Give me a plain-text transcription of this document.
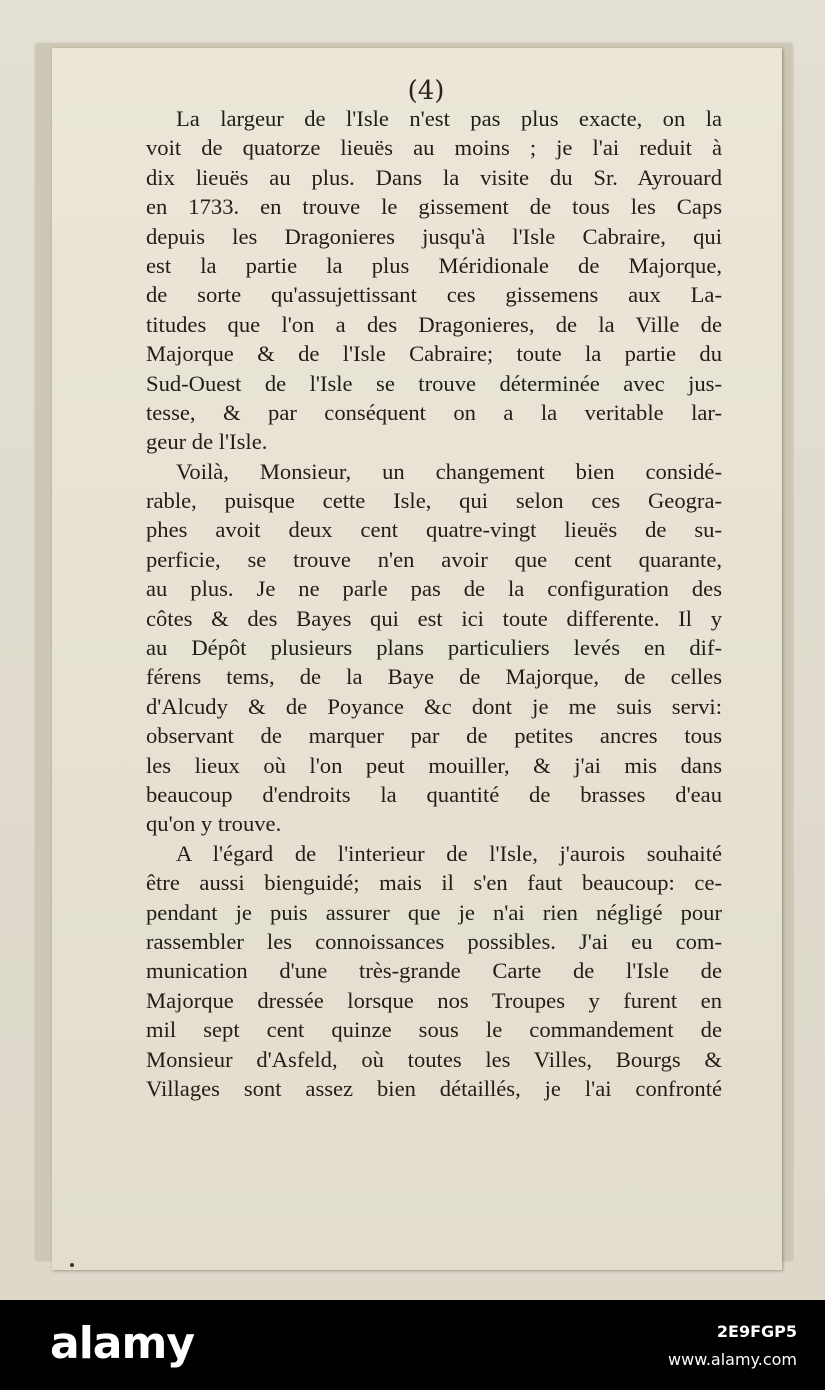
(4)
La largeur de l'Isle n'est pas plus exacte, on la
voit de quatorze lieuës au moins ; je l'ai reduit à
dix lieuës au plus. Dans la visite du Sr. Ayrouard
en 1733. en trouve le gissement de tous les Caps
depuis les Dragonieres jusqu'à l'Isle Cabraire, qui
est la partie la plus Méridionale de Majorque,
de sorte qu'assujettissant ces gissemens aux La-
titudes que l'on a des Dragonieres, de la Ville de
Majorque & de l'Isle Cabraire; toute la partie du
Sud-Ouest de l'Isle se trouve déterminée avec jus-
tesse, & par conséquent on a la veritable lar-
geur de l'Isle.
Voilà, Monsieur, un changement bien considé-
rable, puisque cette Isle, qui selon ces Geogra-
phes avoit deux cent quatre-vingt lieuës de su-
perficie, se trouve n'en avoir que cent quarante,
au plus. Je ne parle pas de la configuration des
côtes & des Bayes qui est ici toute differente. Il y
au Dépôt plusieurs plans particuliers levés en dif-
férens tems, de la Baye de Majorque, de celles
d'Alcudy & de Poyance &c dont je me suis servi:
observant de marquer par de petites ancres tous
les lieux où l'on peut mouiller, & j'ai mis dans
beaucoup d'endroits la quantité de brasses d'eau
qu'on y trouve.
A l'égard de l'interieur de l'Isle, j'aurois souhaité
être aussi bienguidé; mais il s'en faut beaucoup: ce-
pendant je puis assurer que je n'ai rien négligé pour
rassembler les connoissances possibles. J'ai eu com-
munication d'une très-grande Carte de l'Isle de
Majorque dressée lorsque nos Troupes y furent en
mil sept cent quinze sous le commandement de
Monsieur d'Asfeld, où toutes les Villes, Bourgs &
Villages sont assez bien détaillés, je l'ai confronté
alamy	2E9FGP5
www.alamy.com
